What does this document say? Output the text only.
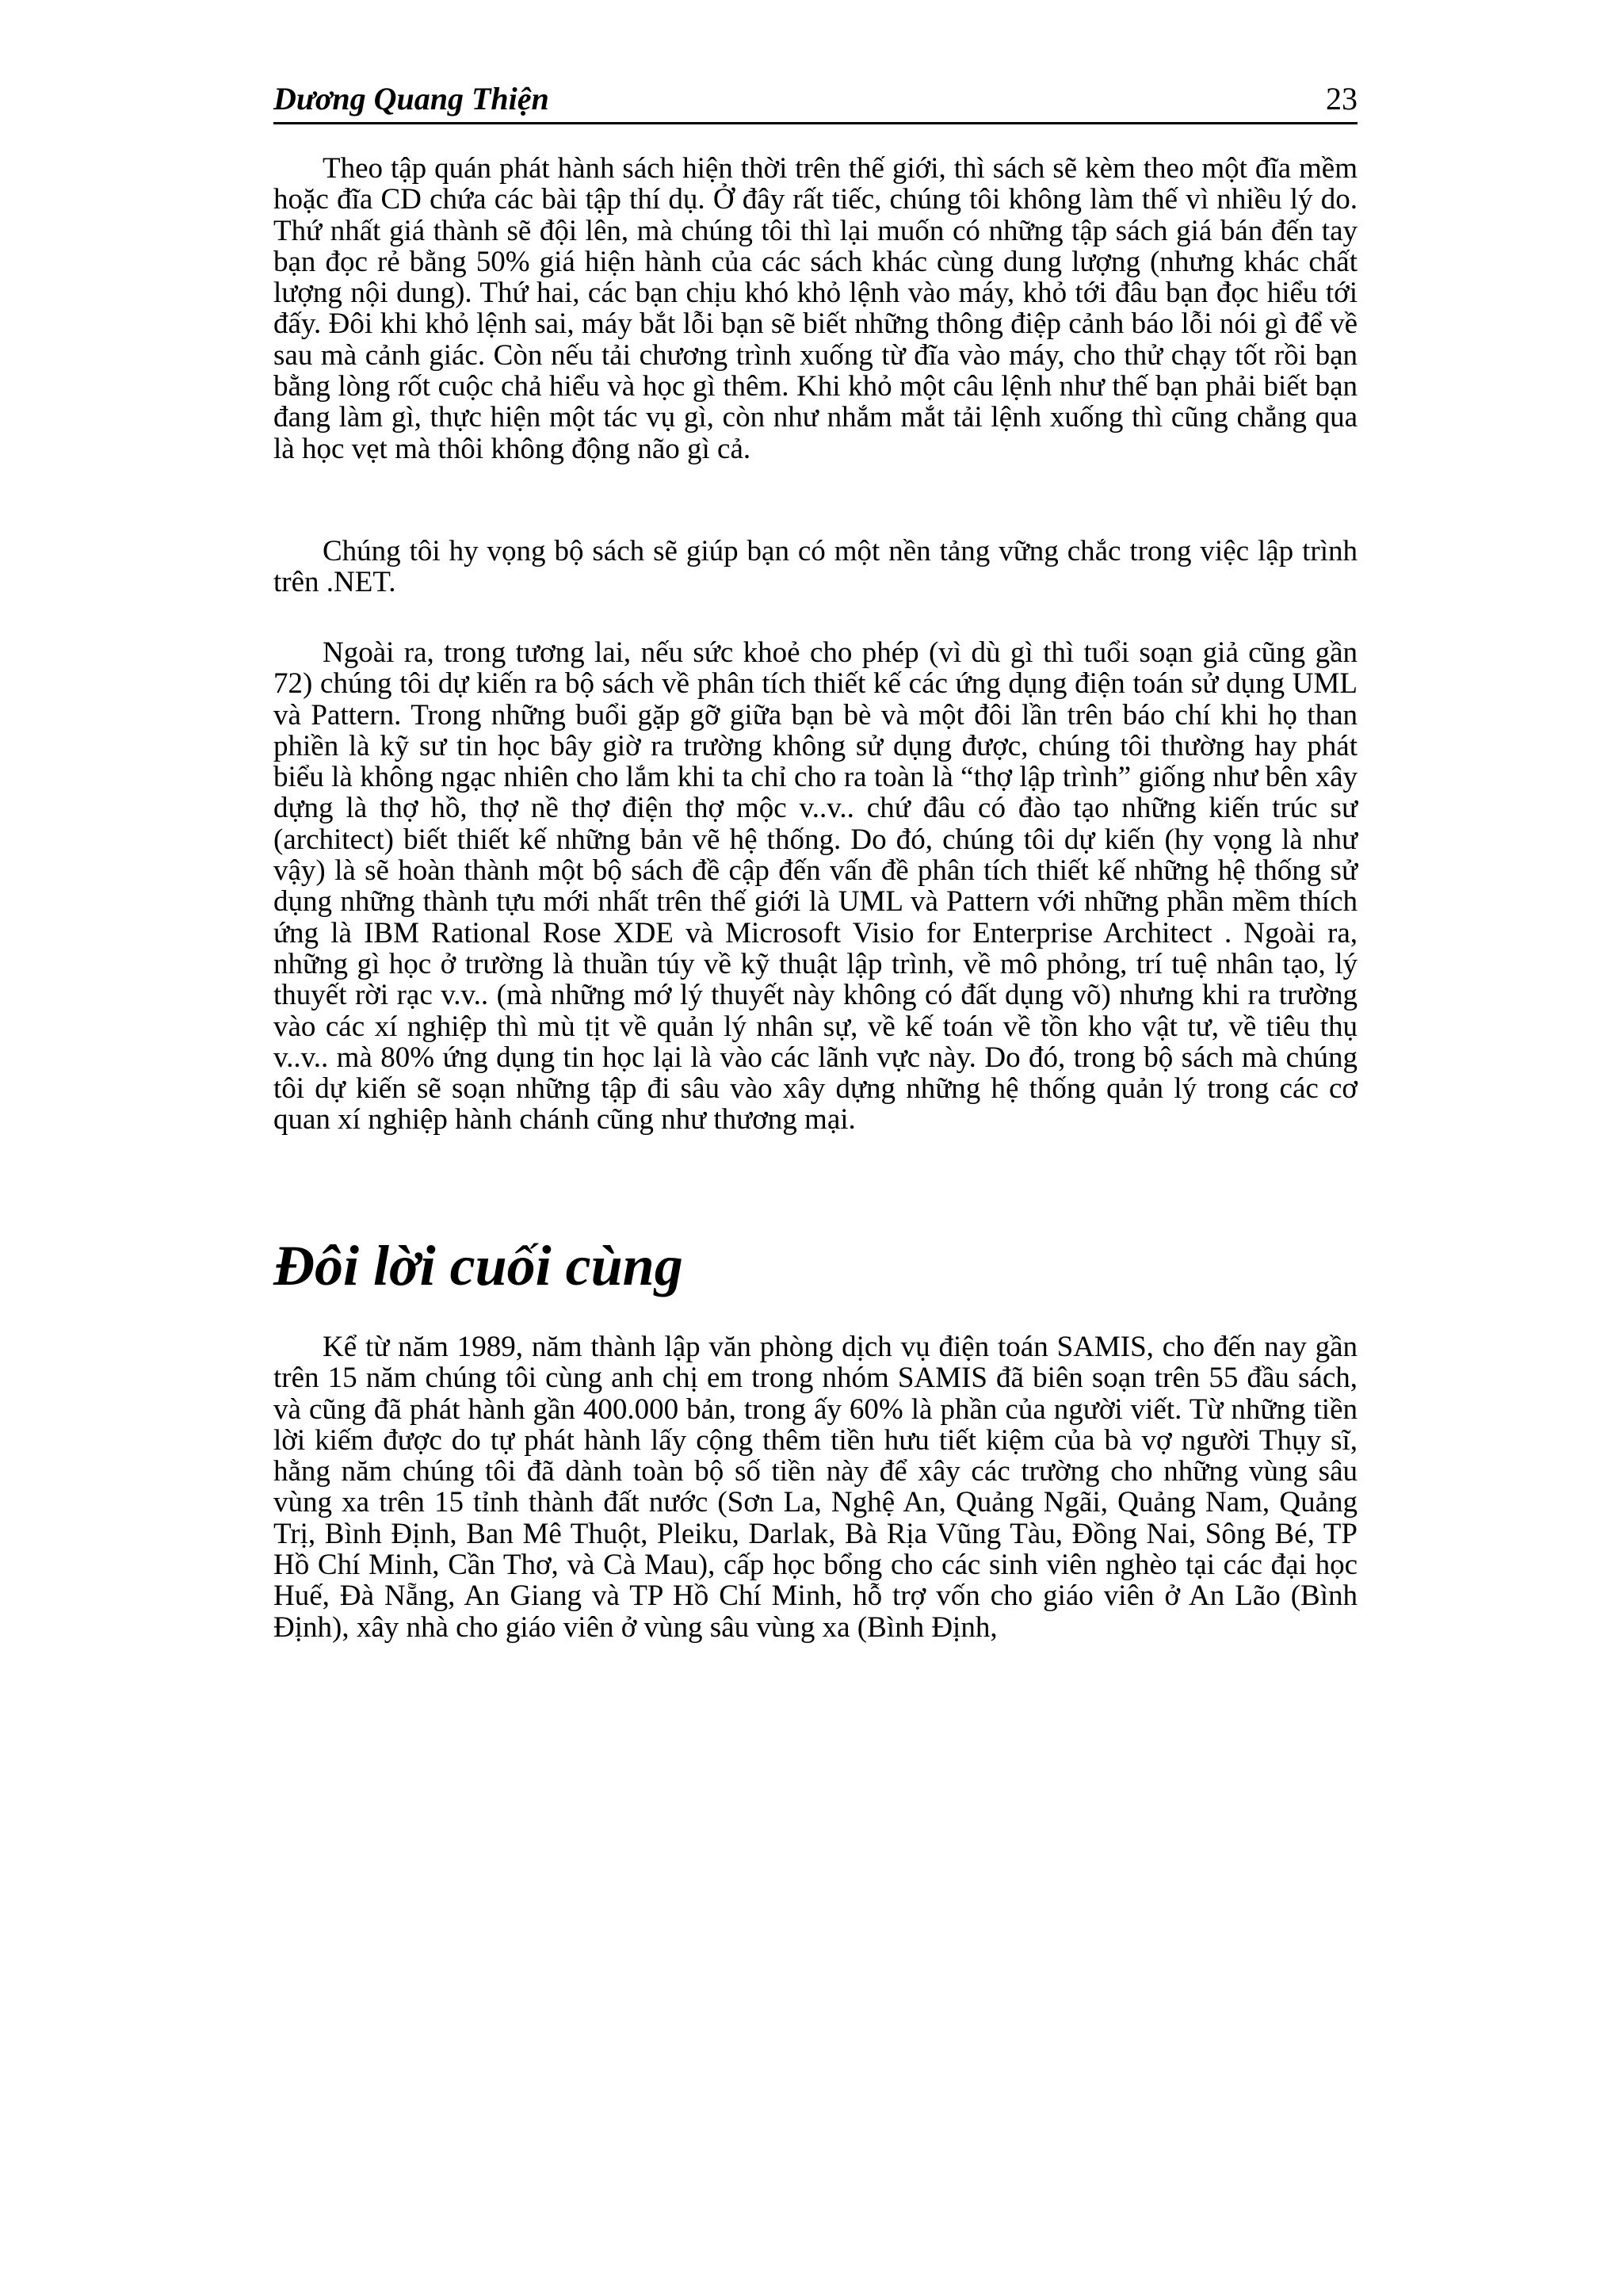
Dương Quang Thiện	23

Theo tập quán phát hành sách hiện thời trên thế giới, thì sách sẽ kèm theo một đĩa mềm hoặc đĩa CD chứa các bài tập thí dụ. Ở đây rất tiếc, chúng tôi không làm thế vì nhiều lý do. Thứ nhất giá thành sẽ đội lên, mà chúng tôi thì lại muốn có những tập sách giá bán đến tay bạn đọc rẻ bằng 50% giá hiện hành của các sách khác cùng dung lượng (nhưng khác chất lượng nội dung). Thứ hai, các bạn chịu khó khỏ lệnh vào máy, khỏ tới đâu bạn đọc hiểu tới đấy. Đôi khi khỏ lệnh sai, máy bắt lỗi bạn sẽ biết những thông điệp cảnh báo lỗi nói gì để về sau mà cảnh giác. Còn nếu tải chương trình xuống từ đĩa vào máy, cho thử chạy tốt rồi bạn bằng lòng rốt cuộc chả hiểu và học gì thêm. Khi khỏ một câu lệnh như thế bạn phải biết bạn đang làm gì, thực hiện một tác vụ gì, còn như nhắm mắt tải lệnh xuống thì cũng chẳng qua là học vẹt mà thôi không động não gì cả.

Chúng tôi hy vọng bộ sách sẽ giúp bạn có một nền tảng vững chắc trong việc lập trình trên .NET.

Ngoài ra, trong tương lai, nếu sức khoẻ cho phép (vì dù gì thì tuổi soạn giả cũng gần 72) chúng tôi dự kiến ra bộ sách về phân tích thiết kế các ứng dụng điện toán sử dụng UML và Pattern. Trong những buổi gặp gỡ giữa bạn bè và một đôi lần trên báo chí khi họ than phiền là kỹ sư tin học bây giờ ra trường không sử dụng được, chúng tôi thường hay phát biểu là không ngạc nhiên cho lắm khi ta chỉ cho ra toàn là “thợ lập trình” giống như bên xây dựng là thợ hồ, thợ nề thợ điện thợ mộc v..v.. chứ đâu có đào tạo những kiến trúc sư (architect) biết thiết kế những bản vẽ hệ thống. Do đó, chúng tôi dự kiến (hy vọng là như vậy) là sẽ hoàn thành một bộ sách đề cập đến vấn đề phân tích thiết kế những hệ thống sử dụng những thành tựu mới nhất trên thế giới là UML và Pattern với những phần mềm thích ứng là IBM Rational Rose XDE và Microsoft Visio for Enterprise Architect . Ngoài ra, những gì học ở trường là thuần túy về kỹ thuật lập trình, về mô phỏng, trí tuệ nhân tạo, lý thuyết rời rạc v.v.. (mà những mớ lý thuyết này không có đất dụng võ) nhưng khi ra trường vào các xí nghiệp thì mù tịt về quản lý nhân sự, về kế toán về tồn kho vật tư, về tiêu thụ v..v.. mà 80% ứng dụng tin học lại là vào các lãnh vực này. Do đó, trong bộ sách mà chúng tôi dự kiến sẽ soạn những tập đi sâu vào xây dựng những hệ thống quản lý trong các cơ quan xí nghiệp hành chánh cũng như thương mại.

Đôi lời cuối cùng

Kể từ năm 1989, năm thành lập văn phòng dịch vụ điện toán SAMIS, cho đến nay gần trên 15 năm chúng tôi cùng anh chị em trong nhóm SAMIS đã biên soạn trên 55 đầu sách, và cũng đã phát hành gần 400.000 bản, trong ấy 60% là phần của người viết. Từ những tiền lời kiếm được do tự phát hành lấy cộng thêm tiền hưu tiết kiệm của bà vợ người Thụy sĩ, hằng năm chúng tôi đã dành toàn bộ số tiền này để xây các trường cho những vùng sâu vùng xa trên 15 tỉnh thành đất nước (Sơn La, Nghệ An, Quảng Ngãi, Quảng Nam, Quảng Trị, Bình Định, Ban Mê Thuột, Pleiku, Darlak, Bà Rịa Vũng Tàu, Đồng Nai, Sông Bé, TP Hồ Chí Minh, Cần Thơ, và Cà Mau), cấp học bổng cho các sinh viên nghèo tại các đại học Huế, Đà Nẵng, An Giang và TP Hồ Chí Minh, hỗ trợ vốn cho giáo viên ở An Lão (Bình Định), xây nhà cho giáo viên ở vùng sâu vùng xa (Bình Định,
